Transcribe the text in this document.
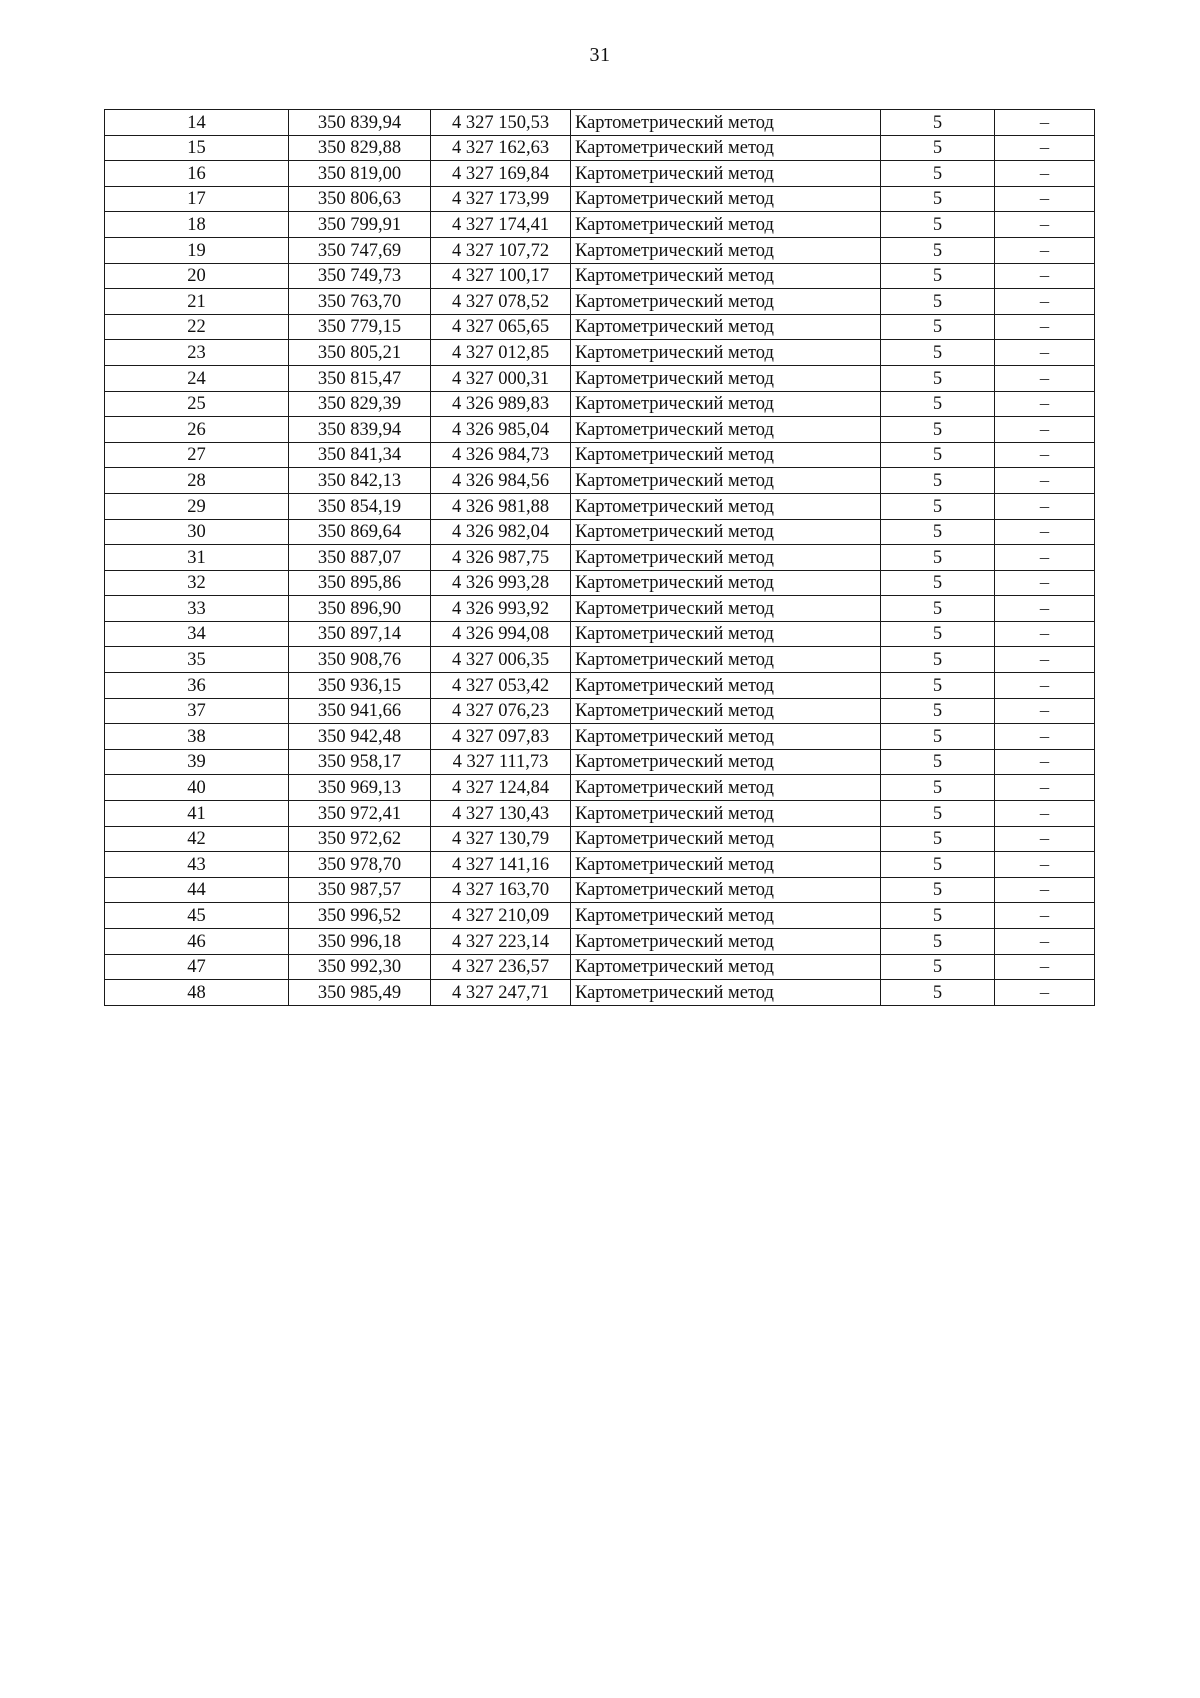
31
14	350 839,94	4 327 150,53	Картометрический метод	5	–
15	350 829,88	4 327 162,63	Картометрический метод	5	–
16	350 819,00	4 327 169,84	Картометрический метод	5	–
17	350 806,63	4 327 173,99	Картометрический метод	5	–
18	350 799,91	4 327 174,41	Картометрический метод	5	–
19	350 747,69	4 327 107,72	Картометрический метод	5	–
20	350 749,73	4 327 100,17	Картометрический метод	5	–
21	350 763,70	4 327 078,52	Картометрический метод	5	–
22	350 779,15	4 327 065,65	Картометрический метод	5	–
23	350 805,21	4 327 012,85	Картометрический метод	5	–
24	350 815,47	4 327 000,31	Картометрический метод	5	–
25	350 829,39	4 326 989,83	Картометрический метод	5	–
26	350 839,94	4 326 985,04	Картометрический метод	5	–
27	350 841,34	4 326 984,73	Картометрический метод	5	–
28	350 842,13	4 326 984,56	Картометрический метод	5	–
29	350 854,19	4 326 981,88	Картометрический метод	5	–
30	350 869,64	4 326 982,04	Картометрический метод	5	–
31	350 887,07	4 326 987,75	Картометрический метод	5	–
32	350 895,86	4 326 993,28	Картометрический метод	5	–
33	350 896,90	4 326 993,92	Картометрический метод	5	–
34	350 897,14	4 326 994,08	Картометрический метод	5	–
35	350 908,76	4 327 006,35	Картометрический метод	5	–
36	350 936,15	4 327 053,42	Картометрический метод	5	–
37	350 941,66	4 327 076,23	Картометрический метод	5	–
38	350 942,48	4 327 097,83	Картометрический метод	5	–
39	350 958,17	4 327 111,73	Картометрический метод	5	–
40	350 969,13	4 327 124,84	Картометрический метод	5	–
41	350 972,41	4 327 130,43	Картометрический метод	5	–
42	350 972,62	4 327 130,79	Картометрический метод	5	–
43	350 978,70	4 327 141,16	Картометрический метод	5	–
44	350 987,57	4 327 163,70	Картометрический метод	5	–
45	350 996,52	4 327 210,09	Картометрический метод	5	–
46	350 996,18	4 327 223,14	Картометрический метод	5	–
47	350 992,30	4 327 236,57	Картометрический метод	5	–
48	350 985,49	4 327 247,71	Картометрический метод	5	–
